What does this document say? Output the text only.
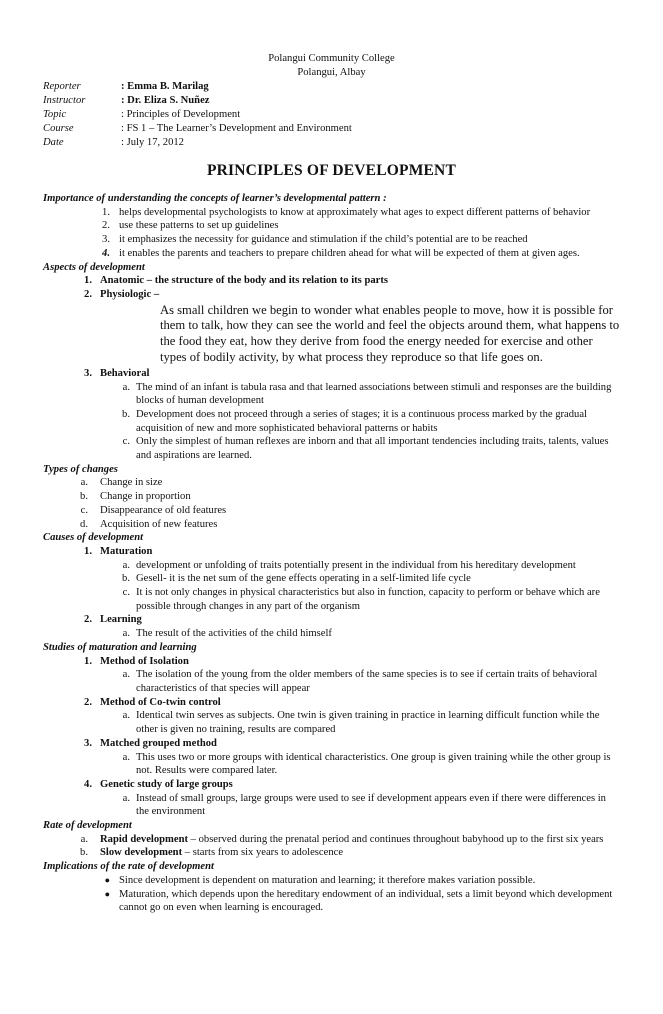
Polangui Community College
Polangui, Albay
Reporter	: Emma B. Marilag
Instructor	: Dr. Eliza S. Nuñez
Topic	: Principles of Development
Course	: FS 1 – The Learner’s Development and Environment
Date	: July 17, 2012
PRINCIPLES OF DEVELOPMENT
Importance of understanding the concepts of learner’s developmental pattern :
1. helps developmental psychologists to know at approximately what ages to expect different patterns of behavior
2. use these patterns to set up guidelines
3. it emphasizes the necessity for guidance and stimulation if the child’s potential are to be reached
4. it enables the parents and teachers to prepare children ahead for what will be expected of them at given ages.
Aspects of development
1. Anatomic – the structure of the body and its relation to its parts
2. Physiologic –
As small children we begin to wonder what enables people to move, how it is possible for them to talk, how they can see the world and feel the objects around them, what happens to the food they eat, how they derive from food the energy needed for exercise and other types of bodily activity, by what process they reproduce so that life goes on.
3. Behavioral
a. The mind of an infant is tabula rasa and that learned associations between stimuli and responses are the building blocks of human development
b. Development does not proceed through a series of stages; it is a continuous process marked by the gradual acquisition of new and more sophisticated behavioral patterns or habits
c. Only the simplest of human reflexes are inborn and that all important tendencies including traits, talents, values and aspirations are learned.
Types of changes
a.	Change in size
b.	Change in proportion
c.	Disappearance of old features
d.	Acquisition of new features
Causes of development
1. Maturation
a. development or unfolding of traits potentially present in the individual from his hereditary development
b. Gesell- it is the net sum of the gene effects operating in a self-limited life cycle
c. It is not only changes in physical characteristics but also in function, capacity to perform or behave which are possible through changes in any part of the organism
2. Learning
a. The result of the activities of the child himself
Studies of maturation and learning
1. Method of Isolation
a. The isolation of the young from the older members of the same species is to see if certain traits of behavioral characteristics of that species will appear
2. Method of Co-twin control
a. Identical twin serves as subjects. One twin is given training in practice in learning difficult function while the other is given no training, results are compared
3. Matched grouped method
a. This uses two or more groups with identical characteristics. One group is given training while the other group is not. Results were compared later.
4. Genetic study of large groups
a. Instead of small groups, large groups were used to see if development appears even if there were differences in the environment
Rate of development
a.	Rapid development – observed during the prenatal period and continues throughout babyhood up to the first six years
b.	Slow development – starts from six years to adolescence
Implications of the rate of development
● Since development is dependent on maturation and learning; it therefore makes variation possible.
● Maturation, which depends upon the hereditary endowment of an individual, sets a limit beyond which development cannot go on even when learning is encouraged.
